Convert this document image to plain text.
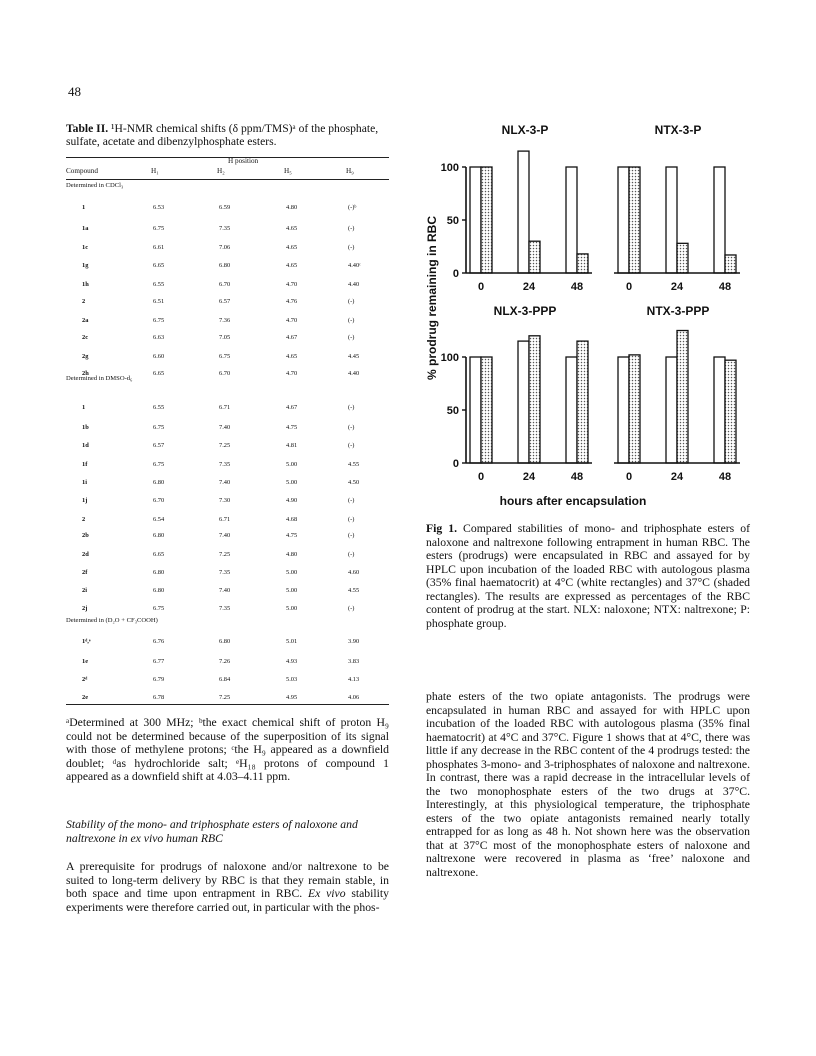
48
Table II. ¹H-NMR chemical shifts (δ ppm/TMS)ᵃ of the phosphate, sulfate, acetate and dibenzylphosphate esters.
H position
Compound	H₁	H₂	H₅	H₉
Determined in CDCl₃
1	6.53	6.59	4.80	(-)ᵇ
1a	6.75	7.35	4.65	(-)
1c	6.61	7.06	4.65	(-)
1g	6.65	6.80	4.65	4.40ᶜ
1h	6.55	6.70	4.70	4.40
2	6.51	6.57	4.76	(-)
2a	6.75	7.36	4.70	(-)
2c	6.63	7.05	4.67	(-)
2g	6.60	6.75	4.65	4.45
2h	6.65	6.70	4.70	4.40
Determined in DMSO-d₆
1	6.55	6.71	4.67	(-)
1b	6.75	7.40	4.75	(-)
1d	6.57	7.25	4.81	(-)
1f	6.75	7.35	5.00	4.55
1i	6.80	7.40	5.00	4.50
1j	6.70	7.30	4.90	(-)
2	6.54	6.71	4.68	(-)
2b	6.80	7.40	4.75	(-)
2d	6.65	7.25	4.80	(-)
2f	6.80	7.35	5.00	4.60
2i	6.80	7.40	5.00	4.55
2j	6.75	7.35	5.00	(-)
Determined in (D₂O + CF₃COOH)
1ᵈ,ᵉ	6.76	6.80	5.01	3.90
1e	6.77	7.26	4.93	3.83
2ᵈ	6.79	6.84	5.03	4.13
2e	6.78	7.25	4.95	4.06
ᵃDetermined at 300 MHz; ᵇthe exact chemical shift of proton H₉ could not be determined because of the superposition of its signal with those of methylene protons; ᶜthe H₉ appeared as a downfield doublet; ᵈas hydrochloride salt; ᵉH₁₈ protons of compound 1 appeared as a downfield shift at 4.03–4.11 ppm.
Stability of the mono- and triphosphate esters of naloxone and naltrexone in ex vivo human RBC
A prerequisite for prodrugs of naloxone and/or naltrexone to be suited to long-term delivery by RBC is that they remain stable, in both space and time upon entrapment in RBC. Ex vivo stability experiments were therefore carried out, in particular with the phos-
NLX-3-P
100
50
0
0	24	48
NTX-3-P
0	24	48
NLX-3-PPP
100
50
0
0	24	48
NTX-3-PPP
0	24	48
% prodrug remaining in RBC
hours after encapsulation
Fig 1. Compared stabilities of mono- and triphosphate esters of naloxone and naltrexone following entrapment in human RBC. The esters (prodrugs) were encapsulated in RBC and assayed for by HPLC upon incubation of the loaded RBC with autologous plasma (35% final haematocrit) at 4°C (white rectangles) and 37°C (shaded rectangles). The results are expressed as percentages of the RBC content of prodrug at the start. NLX: naloxone; NTX: naltrexone; P: phosphate group.
phate esters of the two opiate antagonists. The prodrugs were encapsulated in human RBC and assayed for with HPLC upon incubation of the loaded RBC with autologous plasma (35% final haematocrit) at 4°C and 37°C. Figure 1 shows that at 4°C, there was little if any decrease in the RBC content of the 4 prodrugs tested: the phosphates 3-mono- and 3-triphosphates of naloxone and naltrexone. In contrast, there was a rapid decrease in the intracellular levels of the two monophosphate esters of the two drugs at 37°C. Interestingly, at this physiological temperature, the triphosphate esters of the two opiate antagonists remained nearly totally entrapped for as long as 48 h. Not shown here was the observation that at 37°C most of the monophosphate esters of naloxone and naltrexone were recovered in plasma as ‘free’ naloxone and naltrexone.
